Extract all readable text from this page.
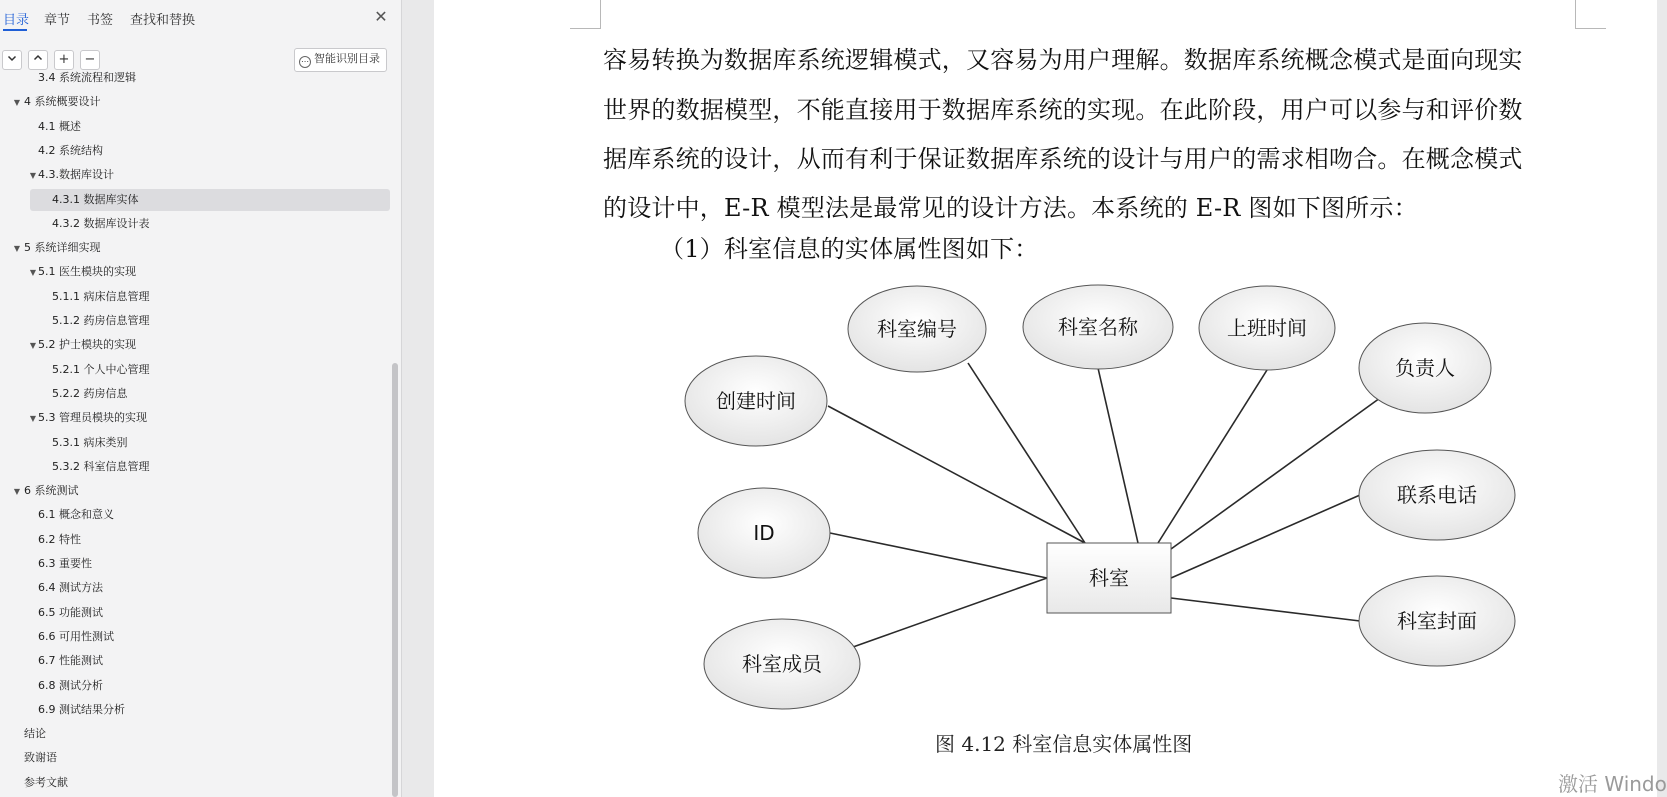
目录 章节 书签 查找和替换	✕
+	−	⋯ 智能识别目录
3.4 系统流程和逻辑
▼ 4 系统概要设计
4.1 概述
4.2 系统结构
▼ 4.3.数据库设计
4.3.1 数据库实体
4.3.2 数据库设计表
▼ 5 系统详细实现
▼ 5.1 医生模块的实现
5.1.1 病床信息管理
5.1.2 药房信息管理
▼ 5.2 护士模块的实现
5.2.1 个人中心管理
5.2.2 药房信息
▼ 5.3 管理员模块的实现
5.3.1 病床类别
5.3.2 科室信息管理
▼ 6 系统测试
6.1 概念和意义
6.2 特性
6.3 重要性
6.4 测试方法
6.5 功能测试
6.6 可用性测试
6.7 性能测试
6.8 测试分析
6.9 测试结果分析
结论
致谢语
参考文献
容易转换为数据库系统逻辑模式，又容易为用户理解。数据库系统概念模式是面向现实
世界的数据模型，不能直接用于数据库系统的实现。在此阶段，用户可以参与和评价数
据库系统的设计，从而有利于保证数据库系统的设计与用户的需求相吻合。在概念模式
的设计中，E-R 模型法是最常见的设计方法。本系统的 E-R 图如下图所示：
（1）科室信息的实体属性图如下：
科室编号	科室名称	上班时间
负责人
创建时间
联系电话
ID
科室封面
科室成员
科室
图 4.12 科室信息实体属性图
激活 Windo
